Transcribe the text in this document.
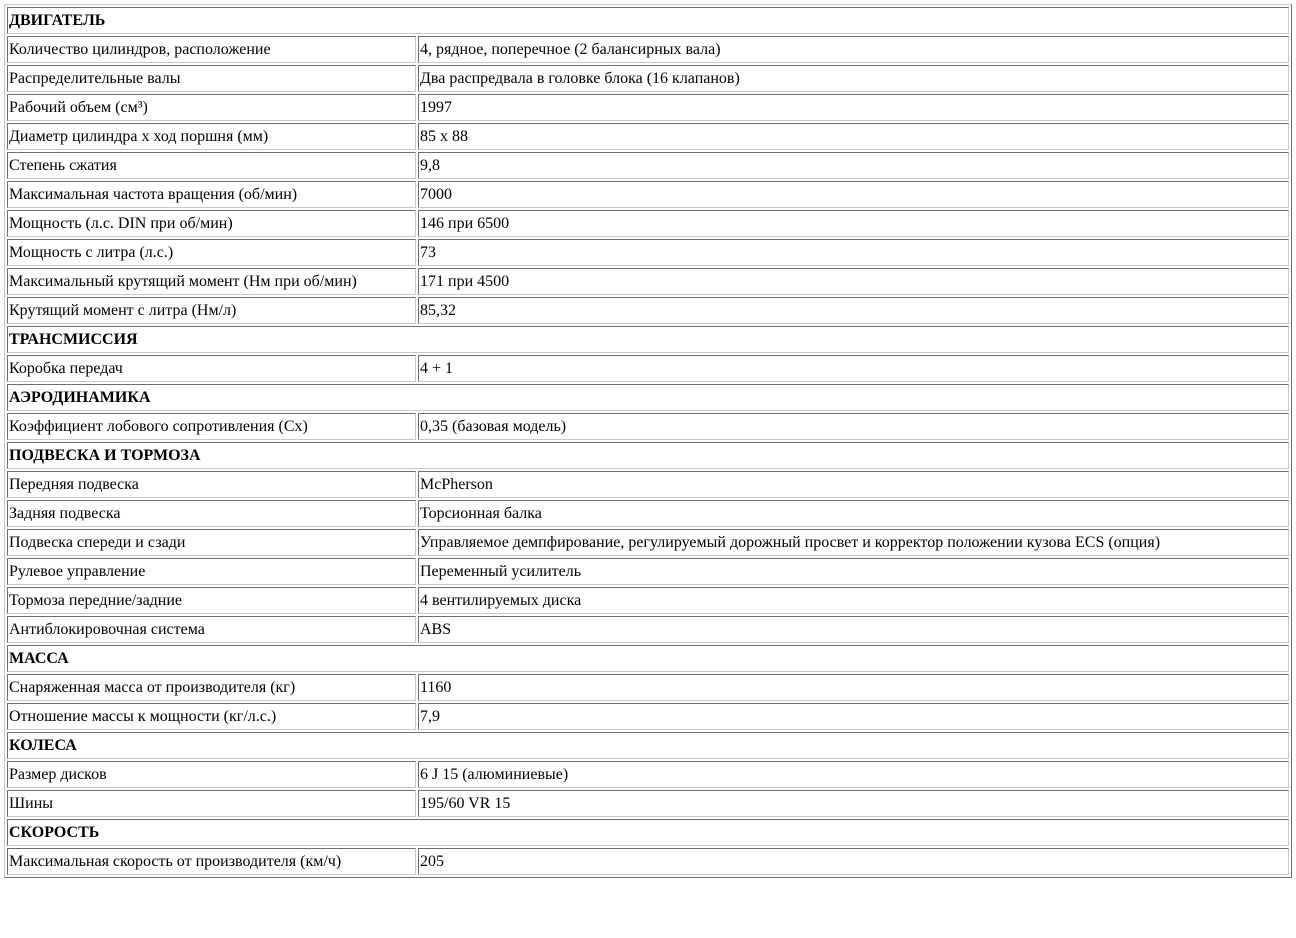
ДВИГАТЕЛЬ	
Количество цилиндров, расположение	4, рядное, поперечное (2 балансирных вала)
Распределительные валы	Два распредвала в головке блока (16 клапанов)
Рабочий объем (см³)	1997
Диаметр цилиндра x ход поршня (мм)	85 x 88
Степень сжатия	9,8
Максимальная частота вращения (об/мин)	7000
Мощность (л.с. DIN при об/мин)	146 при 6500
Мощность с литра (л.с.)	73
Максимальный крутящий момент (Нм при об/мин)	171 при 4500
Крутящий момент с литра (Нм/л)	85,32
ТРАНСМИССИЯ	
Коробка передач	4 + 1
АЭРОДИНАМИКА	
Коэффициент лобового сопротивления (Сх)	0,35 (базовая модель)
ПОДВЕСКА И ТОРМОЗА	
Передняя подвеска	McPherson
Задняя подвеска	Торсионная балка
Подвеска спереди и сзади	Управляемое демпфирование, регулируемый дорожный просвет и корректор положении кузова ECS (опция)
Рулевое управление	Переменный усилитель
Тормоза передние/задние	4 вентилируемых диска
Антиблокировочная система	ABS
МАССА	
Снаряженная масса от производителя (кг)	1160
Отношение массы к мощности (кг/л.с.)	7,9
КОЛЕСА	
Размер дисков	6 J 15 (алюминиевые)
Шины	195/60 VR 15
СКОРОСТЬ	
Максимальная скорость от производителя (км/ч)	205
